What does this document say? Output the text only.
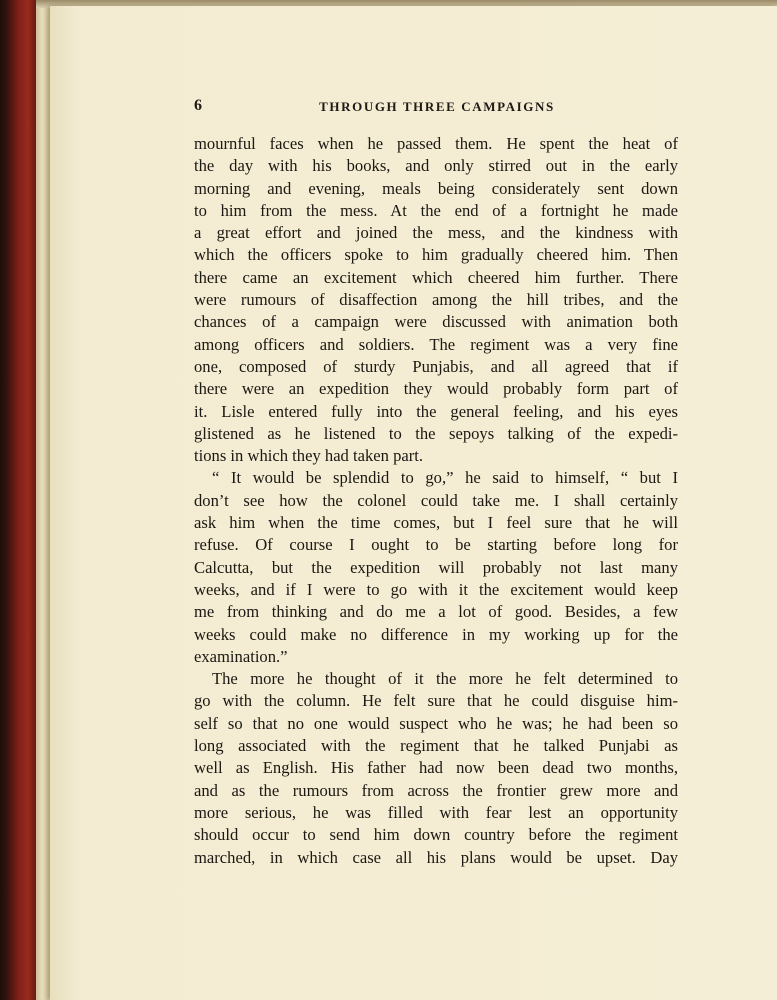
6	THROUGH THREE CAMPAIGNS
mournful faces when he passed them. He spent the heat of
the day with his books, and only stirred out in the early
morning and evening, meals being considerately sent down
to him from the mess. At the end of a fortnight he made
a great effort and joined the mess, and the kindness with
which the officers spoke to him gradually cheered him. Then
there came an excitement which cheered him further. There
were rumours of disaffection among the hill tribes, and the
chances of a campaign were discussed with animation both
among officers and soldiers. The regiment was a very fine
one, composed of sturdy Punjabis, and all agreed that if
there were an expedition they would probably form part of
it. Lisle entered fully into the general feeling, and his eyes
glistened as he listened to the sepoys talking of the expedi-
tions in which they had taken part.
“ It would be splendid to go,” he said to himself, “ but I
don’t see how the colonel could take me. I shall certainly
ask him when the time comes, but I feel sure that he will
refuse. Of course I ought to be starting before long for
Calcutta, but the expedition will probably not last many
weeks, and if I were to go with it the excitement would keep
me from thinking and do me a lot of good. Besides, a few
weeks could make no difference in my working up for the
examination.”
The more he thought of it the more he felt determined to
go with the column. He felt sure that he could disguise him-
self so that no one would suspect who he was; he had been so
long associated with the regiment that he talked Punjabi as
well as English. His father had now been dead two months,
and as the rumours from across the frontier grew more and
more serious, he was filled with fear lest an opportunity
should occur to send him down country before the regiment
marched, in which case all his plans would be upset. Day
